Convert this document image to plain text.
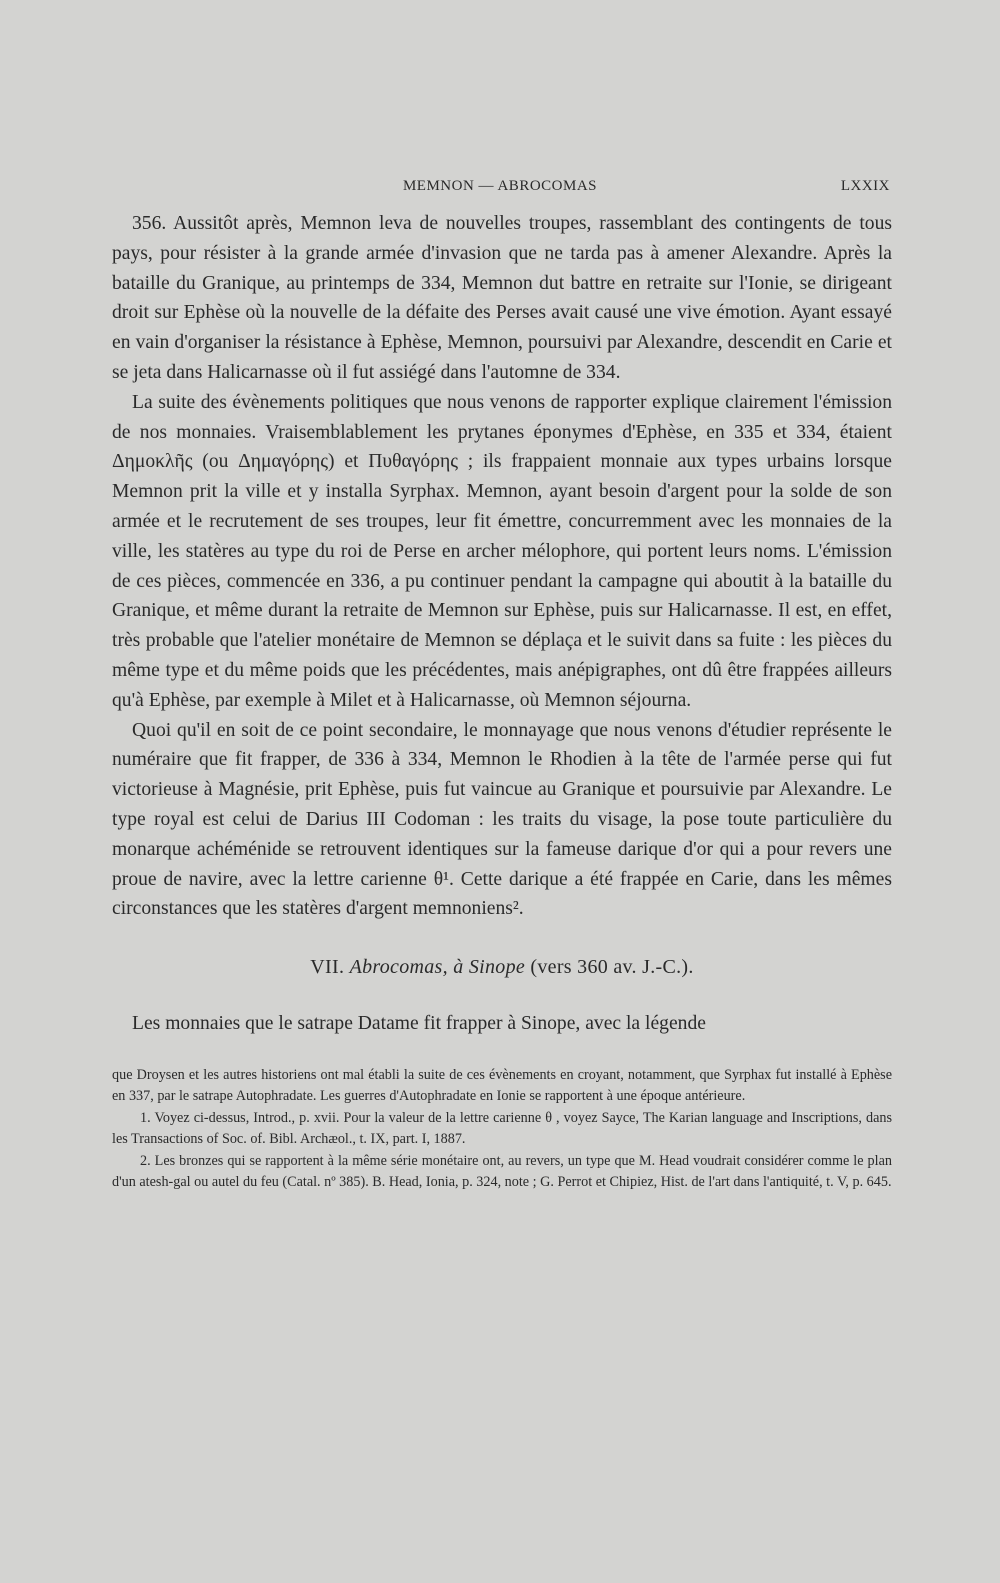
MEMNON — ABROCOMAS	LXXIX

356. Aussitôt après, Memnon leva de nouvelles troupes, rassemblant des contingents de tous pays, pour résister à la grande armée d'invasion que ne tarda pas à amener Alexandre. Après la bataille du Granique, au printemps de 334, Memnon dut battre en retraite sur l'Ionie, se dirigeant droit sur Ephèse où la nouvelle de la défaite des Perses avait causé une vive émotion. Ayant essayé en vain d'organiser la résistance à Ephèse, Memnon, poursuivi par Alexandre, descendit en Carie et se jeta dans Halicarnasse où il fut assiégé dans l'automne de 334.

La suite des évènements politiques que nous venons de rapporter explique clairement l'émission de nos monnaies. Vraisemblablement les prytanes éponymes d'Ephèse, en 335 et 334, étaient Δημοκλῆς (ou Δημαγόρης) et Πυθαγόρης ; ils frappaient monnaie aux types urbains lorsque Memnon prit la ville et y installa Syrphax. Memnon, ayant besoin d'argent pour la solde de son armée et le recrutement de ses troupes, leur fit émettre, concurremment avec les monnaies de la ville, les statères au type du roi de Perse en archer mélophore, qui portent leurs noms. L'émission de ces pièces, commencée en 336, a pu continuer pendant la campagne qui aboutit à la bataille du Granique, et même durant la retraite de Memnon sur Ephèse, puis sur Halicarnasse. Il est, en effet, très probable que l'atelier monétaire de Memnon se déplaça et le suivit dans sa fuite : les pièces du même type et du même poids que les précédentes, mais anépigraphes, ont dû être frappées ailleurs qu'à Ephèse, par exemple à Milet et à Halicarnasse, où Memnon séjourna.

Quoi qu'il en soit de ce point secondaire, le monnayage que nous venons d'étudier représente le numéraire que fit frapper, de 336 à 334, Memnon le Rhodien à la tête de l'armée perse qui fut victorieuse à Magnésie, prit Ephèse, puis fut vaincue au Granique et poursuivie par Alexandre. Le type royal est celui de Darius III Codoman : les traits du visage, la pose toute particulière du monarque achéménide se retrouvent identiques sur la fameuse darique d'or qui a pour revers une proue de navire, avec la lettre carienne θ¹. Cette darique a été frappée en Carie, dans les mêmes circonstances que les statères d'argent memnoniens².

VII. Abrocomas, à Sinope (vers 360 av. J.-C.).

Les monnaies que le satrape Datame fit frapper à Sinope, avec la légende

que Droysen et les autres historiens ont mal établi la suite de ces évènements en croyant, notamment, que Syrphax fut installé à Ephèse en 337, par le satrape Autophradate. Les guerres d'Autophradate en Ionie se rapportent à une époque antérieure.

1. Voyez ci-dessus, Introd., p. xvii. Pour la valeur de la lettre carienne θ , voyez Sayce, The Karian language and Inscriptions, dans les Transactions of Soc. of. Bibl. Archæol., t. IX, part. I, 1887.

2. Les bronzes qui se rapportent à la même série monétaire ont, au revers, un type que M. Head voudrait considérer comme le plan d'un atesh-gal ou autel du feu (Catal. nº 385). B. Head, Ionia, p. 324, note ; G. Perrot et Chipiez, Hist. de l'art dans l'antiquité, t. V, p. 645.
